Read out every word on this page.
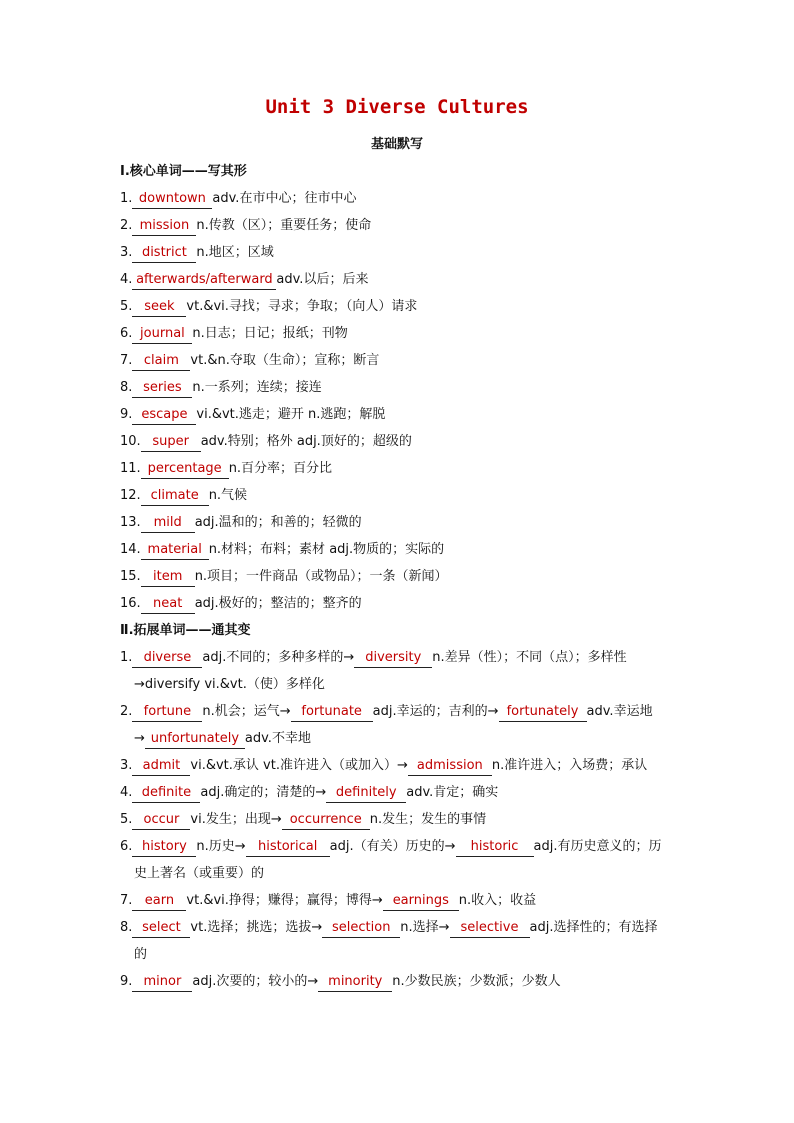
Unit 3 Diverse Cultures
基础默写
Ⅰ.核心单词——写其形
1. downtown adv.在市中心；往市中心
2. mission n.传教（区）；重要任务；使命
3. district n.地区；区域
4. afterwards/afterward adv.以后；后来
5. seek vt.&vi.寻找；寻求；争取；（向人）请求
6. journal n.日志；日记；报纸；刊物
7. claim vt.&n.夺取（生命）；宣称；断言
8. series n.一系列；连续；接连
9. escape vi.&vt.逃走；避开 n.逃跑；解脱
10. super adv.特别；格外 adj.顶好的；超级的
11. percentage n.百分率；百分比
12. climate n.气候
13. mild adj.温和的；和善的；轻微的
14. material n.材料；布料；素材 adj.物质的；实际的
15. item n.项目；一件商品（或物品）；一条（新闻）
16. neat adj.极好的；整洁的；整齐的
Ⅱ.拓展单词——通其变
1. diverse adj.不同的；多种多样的→ diversity n.差异（性）；不同（点）；多样性
→diversify vi.&vt.（使）多样化
2. fortune n.机会；运气→ fortunate adj.幸运的；吉利的→ fortunately adv.幸运地
→ unfortunately adv.不幸地
3. admit vi.&vt.承认 vt.准许进入（或加入）→ admission n.准许进入；入场费；承认
4. definite adj.确定的；清楚的→ definitely adv.肯定；确实
5. occur vi.发生；出现→ occurrence n.发生；发生的事情
6. history n.历史→ historical adj.（有关）历史的→ historic adj.有历史意义的；历
史上著名（或重要）的
7. earn vt.&vi.挣得；赚得；赢得；博得→ earnings n.收入；收益
8. select vt.选择；挑选；选拔→ selection n.选择→ selective adj.选择性的；有选择
的
9. minor adj.次要的；较小的→ minority n.少数民族；少数派；少数人
